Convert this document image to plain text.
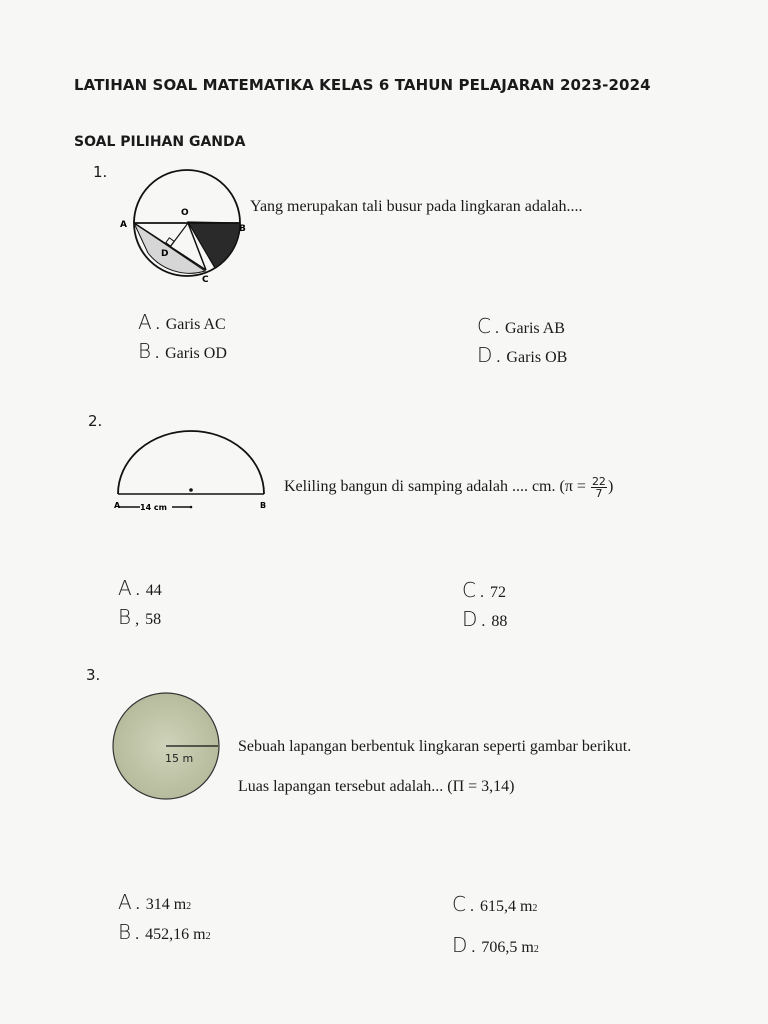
LATIHAN SOAL MATEMATIKA KELAS 6 TAHUN PELAJARAN 2023-2024
SOAL PILIHAN GANDA
1.
O
A	B
D
C
Yang merupakan tali busur pada lingkaran adalah....
A . Garis AC
B . Garis OD
C . Garis AB
D . Garis OB
2.
14 cm
A	B
Keliling bangun di samping adalah .... cm. ($\pi = \frac{22}{7}$ )
A . 44
B , 58
C . 72
D . 88
3.
15 m
Sebuah lapangan berbentuk lingkaran seperti gambar berikut.
Luas lapangan tersebut adalah... (Π = 3,14)
A . 314 m 2
B . 452,16 m 2
C . 615,4 m 2
D . 706,5 m 2
